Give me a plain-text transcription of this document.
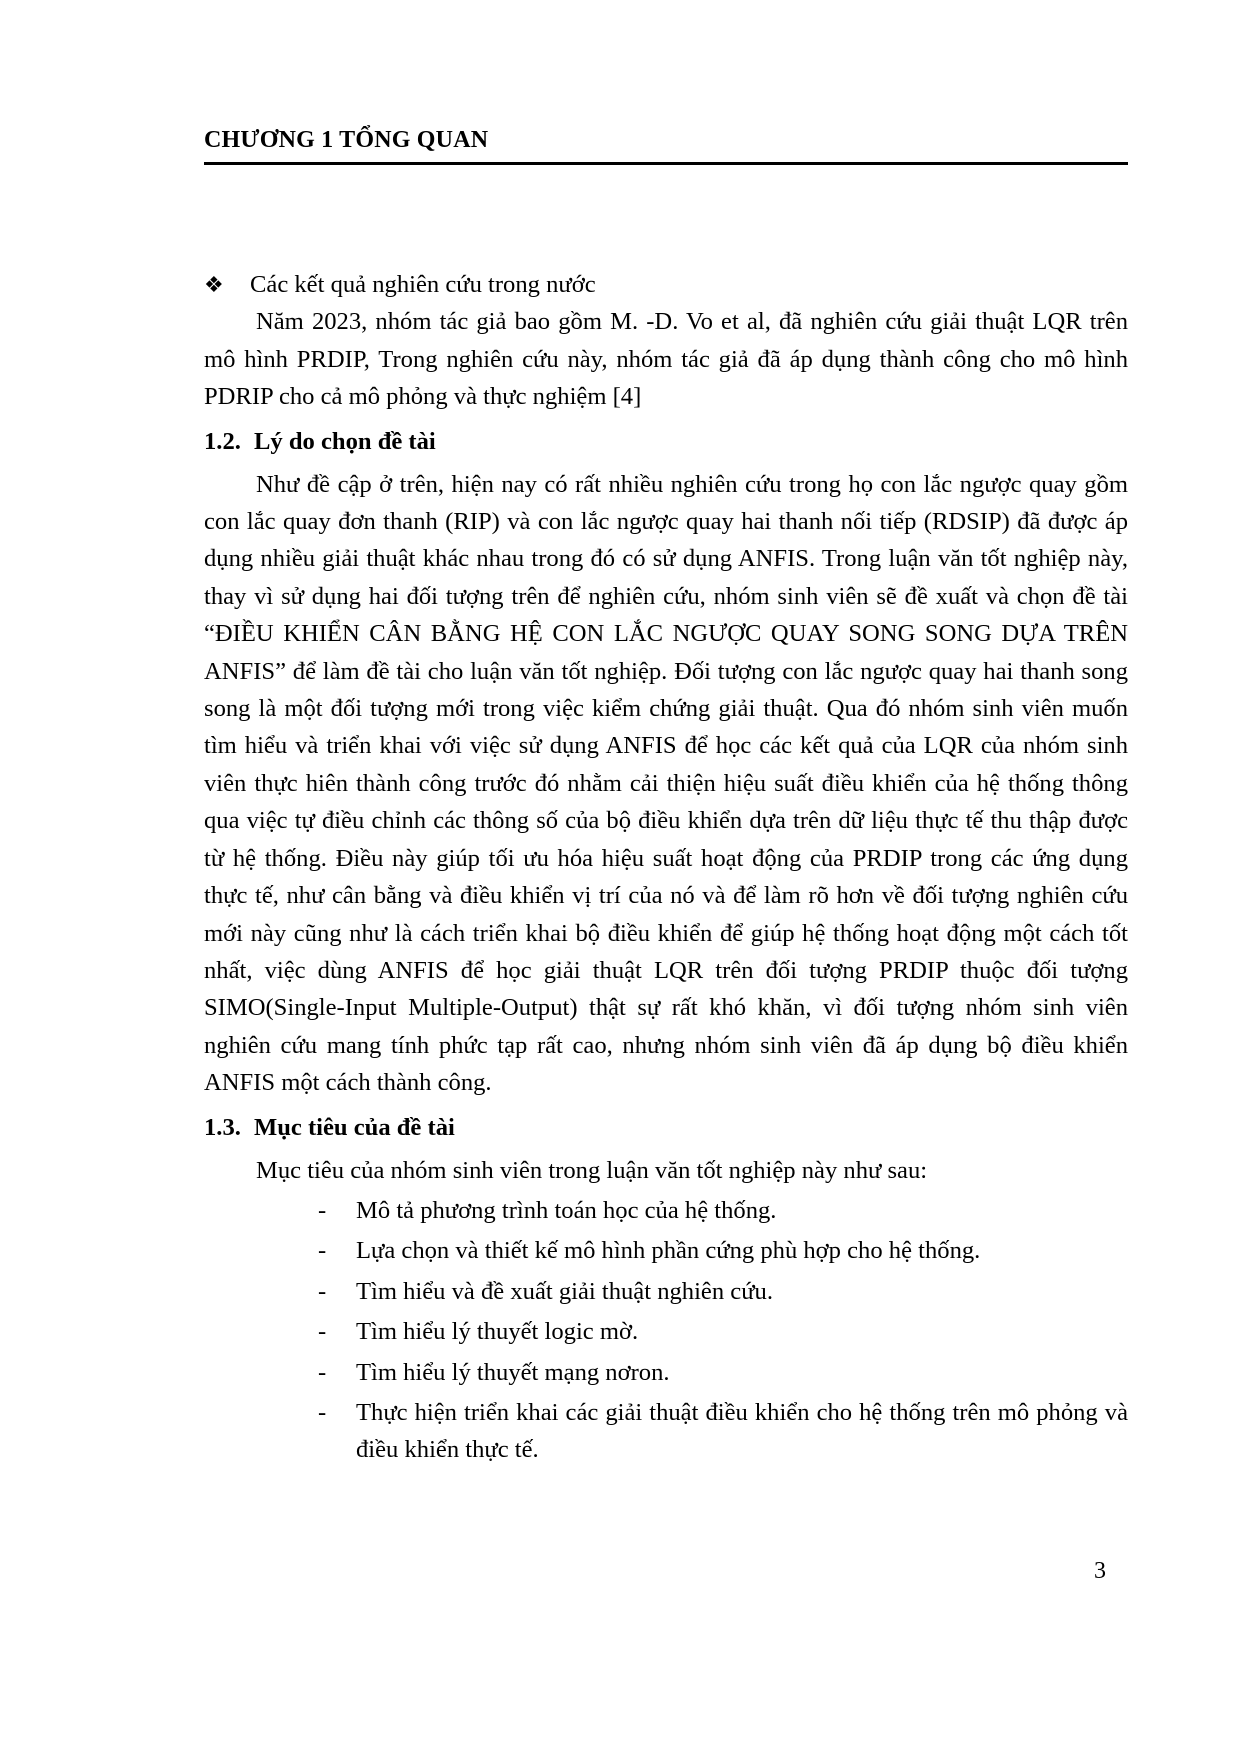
CHƯƠNG 1 TỔNG QUAN
❖	Các kết quả nghiên cứu trong nước

Năm 2023, nhóm tác giả bao gồm M. -D. Vo et al, đã nghiên cứu giải thuật LQR trên mô hình PRDIP, Trong nghiên cứu này, nhóm tác giả đã áp dụng thành công cho mô hình PDRIP cho cả mô phỏng và thực nghiệm [4]

1.2. Lý do chọn đề tài

Như đề cập ở trên, hiện nay có rất nhiều nghiên cứu trong họ con lắc ngược quay gồm con lắc quay đơn thanh (RIP) và con lắc ngược quay hai thanh nối tiếp (RDSIP) đã được áp dụng nhiều giải thuật khác nhau trong đó có sử dụng ANFIS. Trong luận văn tốt nghiệp này, thay vì sử dụng hai đối tượng trên để nghiên cứu, nhóm sinh viên sẽ đề xuất và chọn đề tài “ĐIỀU KHIỂN CÂN BẰNG HỆ CON LẮC NGƯỢC QUAY SONG SONG DỰA TRÊN ANFIS” để làm đề tài cho luận văn tốt nghiệp. Đối tượng con lắc ngược quay hai thanh song song là một đối tượng mới trong việc kiểm chứng giải thuật. Qua đó nhóm sinh viên muốn tìm hiểu và triển khai với việc sử dụng ANFIS để học các kết quả của LQR của nhóm sinh viên thực hiên thành công trước đó nhằm cải thiện hiệu suất điều khiển của hệ thống thông qua việc tự điều chỉnh các thông số của bộ điều khiển dựa trên dữ liệu thực tế thu thập được từ hệ thống. Điều này giúp tối ưu hóa hiệu suất hoạt động của PRDIP trong các ứng dụng thực tế, như cân bằng và điều khiển vị trí của nó và để làm rõ hơn về đối tượng nghiên cứu mới này cũng như là cách triển khai bộ điều khiển để giúp hệ thống hoạt động một cách tốt nhất, việc dùng ANFIS để học giải thuật LQR trên đối tượng PRDIP thuộc đối tượng SIMO(Single-Input Multiple-Output) thật sự rất khó khăn, vì đối tượng nhóm sinh viên nghiên cứu mang tính phức tạp rất cao, nhưng nhóm sinh viên đã áp dụng bộ điều khiển ANFIS một cách thành công.

1.3. Mục tiêu của đề tài

Mục tiêu của nhóm sinh viên trong luận văn tốt nghiệp này như sau:

- Mô tả phương trình toán học của hệ thống.
- Lựa chọn và thiết kế mô hình phần cứng phù hợp cho hệ thống.
- Tìm hiểu và đề xuất giải thuật nghiên cứu.
- Tìm hiểu lý thuyết logic mờ.
- Tìm hiểu lý thuyết mạng nơron.
- Thực hiện triển khai các giải thuật điều khiển cho hệ thống trên mô phỏng và điều khiển thực tế.
3
